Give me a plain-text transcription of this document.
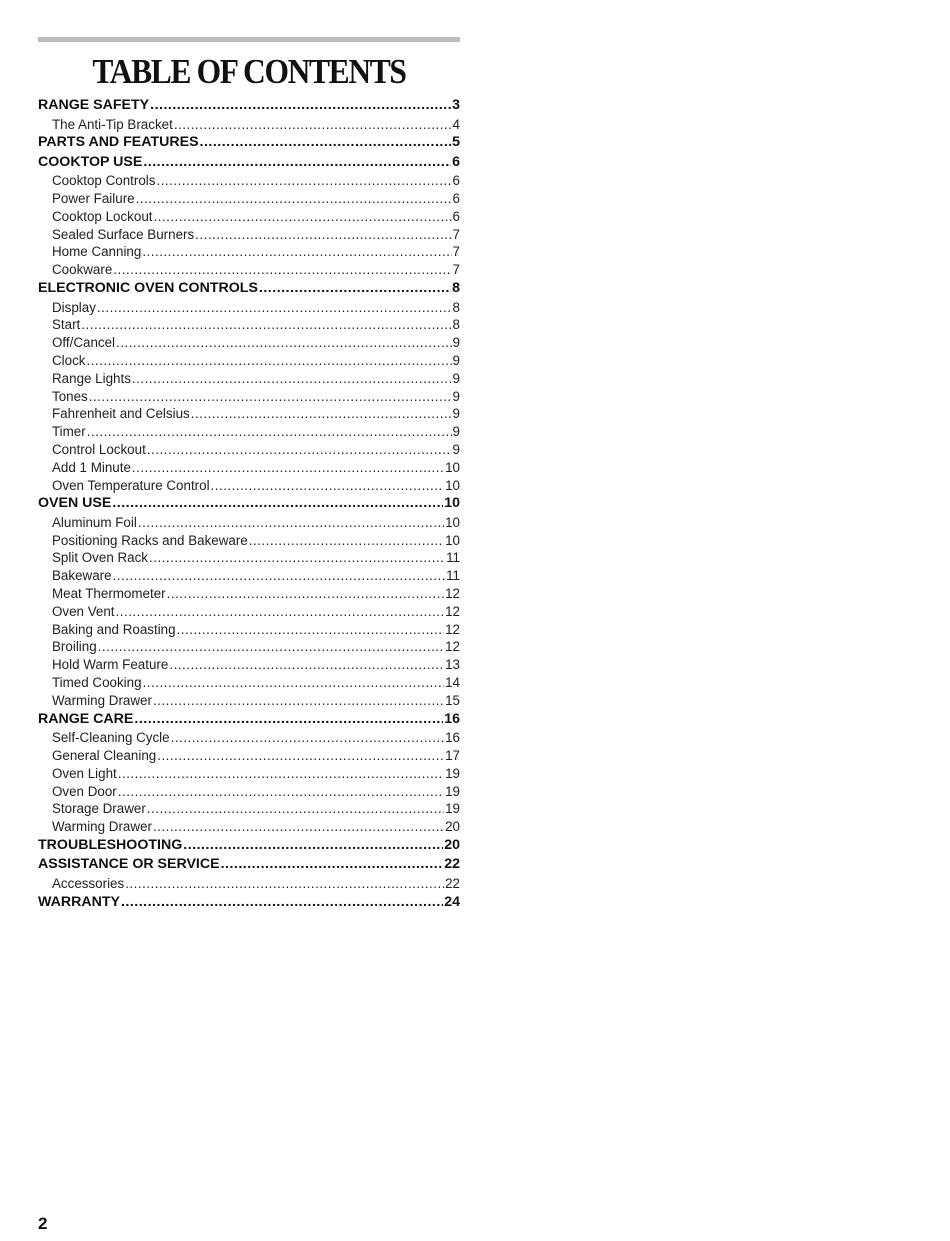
TABLE OF CONTENTS
RANGE SAFETY .....	3
The Anti-Tip Bracket .....	4
PARTS AND FEATURES .....	5
COOKTOP USE .....	6
Cooktop Controls .....	6
Power Failure .....	6
Cooktop Lockout .....	6
Sealed Surface Burners .....	7
Home Canning .....	7
Cookware .....	7
ELECTRONIC OVEN CONTROLS .....	8
Display .....	8
Start .....	8
Off/Cancel .....	9
Clock .....	9
Range Lights .....	9
Tones .....	9
Fahrenheit and Celsius .....	9
Timer .....	9
Control Lockout .....	9
Add 1 Minute .....	10
Oven Temperature Control .....	10
OVEN USE .....	10
Aluminum Foil .....	10
Positioning Racks and Bakeware .....	10
Split Oven Rack .....	11
Bakeware .....	11
Meat Thermometer .....	12
Oven Vent .....	12
Baking and Roasting .....	12
Broiling .....	12
Hold Warm Feature .....	13
Timed Cooking .....	14
Warming Drawer .....	15
RANGE CARE .....	16
Self-Cleaning Cycle .....	16
General Cleaning .....	17
Oven Light .....	19
Oven Door .....	19
Storage Drawer .....	19
Warming Drawer .....	20
TROUBLESHOOTING .....	20
ASSISTANCE OR SERVICE .....	22
Accessories .....	22
WARRANTY .....	24
2
